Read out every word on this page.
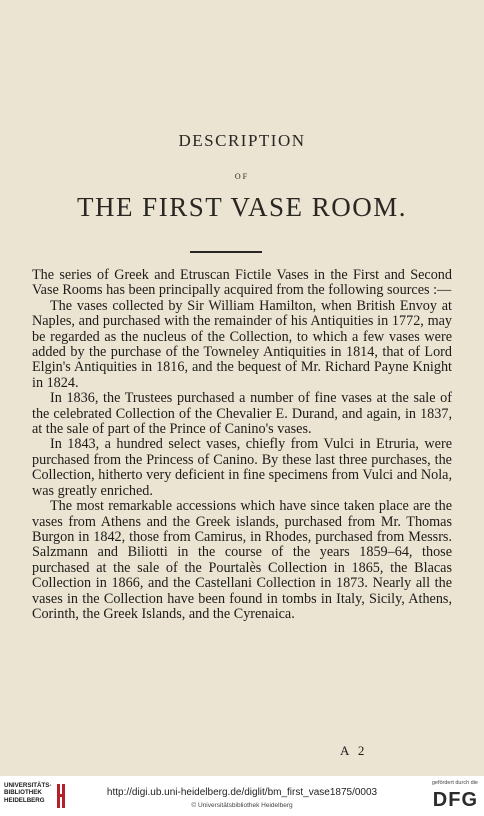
DESCRIPTION
OF
THE FIRST VASE ROOM.

The series of Greek and Etruscan Fictile Vases in the First and Second Vase Rooms has been principally acquired from the following sources :—

The vases collected by Sir William Hamilton, when British Envoy at Naples, and purchased with the remainder of his Antiquities in 1772, may be regarded as the nucleus of the Collection, to which a few vases were added by the purchase of the Towneley Antiquities in 1814, that of Lord Elgin's Antiquities in 1816, and the bequest of Mr. Richard Payne Knight in 1824.

In 1836, the Trustees purchased a number of fine vases at the sale of the celebrated Collection of the Chevalier E. Durand, and again, in 1837, at the sale of part of the Prince of Canino's vases.

In 1843, a hundred select vases, chiefly from Vulci in Etruria, were purchased from the Princess of Canino. By these last three purchases, the Collection, hitherto very deficient in fine specimens from Vulci and Nola, was greatly enriched.

The most remarkable accessions which have since taken place are the vases from Athens and the Greek islands, purchased from Mr. Thomas Burgon in 1842, those from Camirus, in Rhodes, purchased from Messrs. Salzmann and Biliotti in the course of the years 1859–64, those purchased at the sale of the Pourtalès Collection in 1865, the Blacas Collection in 1866, and the Castellani Collection in 1873. Nearly all the vases in the Collection have been found in tombs in Italy, Sicily, Athens, Corinth, the Greek Islands, and the Cyrenaica.

A 2
UNIVERSITÄTS-
BIBLIOTHEK
HEIDELBERG
http://digi.ub.uni-heidelberg.de/diglit/bm_first_vase1875/0003
© Universitätsbibliothek Heidelberg
gefördert durch die
DFG
